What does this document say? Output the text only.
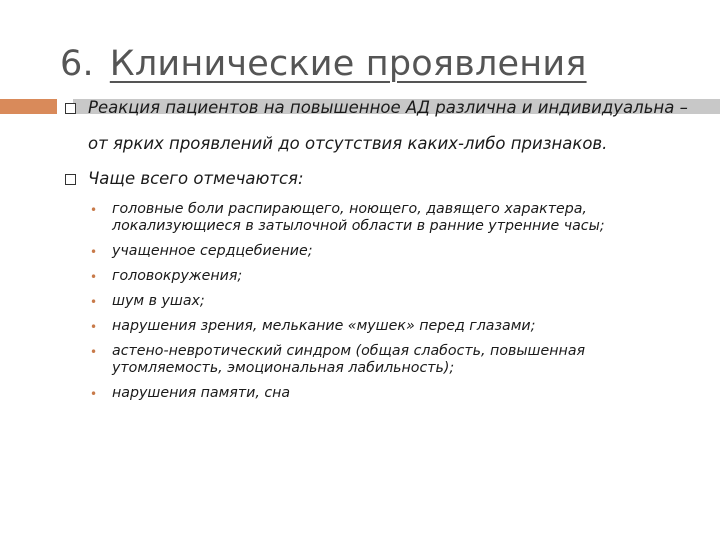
6. Клинические проявления
Реакция пациентов на повышенное АД различна и индивидуальна –
от ярких проявлений до отсутствия каких-либо признаков.
Чаще всего отмечаются:
• головные боли распирающего, ноющего, давящего характера, локализующиеся в затылочной области в ранние утренние часы;
• учащенное сердцебиение;
• головокружения;
• шум в ушах;
• нарушения зрения, мелькание «мушек» перед глазами;
• астено-невротический синдром (общая слабость, повышенная утомляемость, эмоциональная лабильность);
• нарушения памяти, сна
